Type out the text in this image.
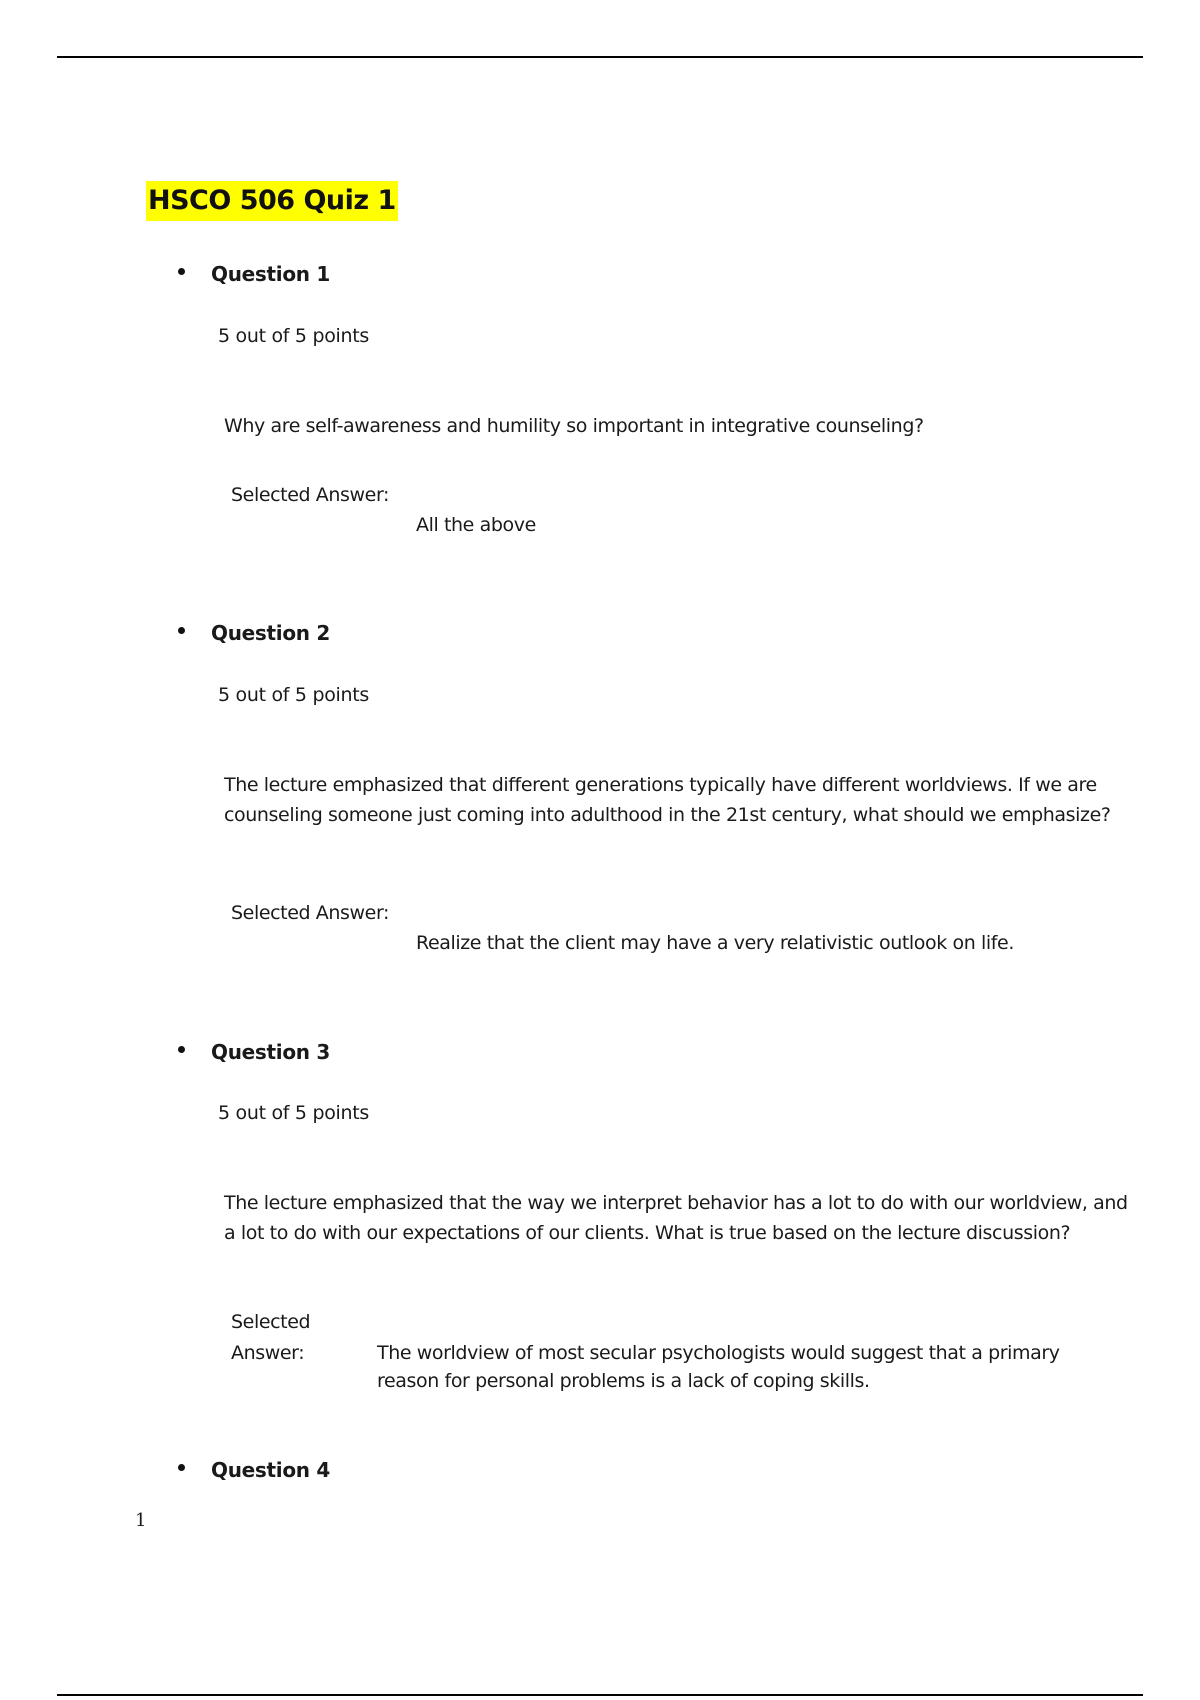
HSCO 506 Quiz 1
Question 1
5 out of 5 points
Why are self-awareness and humility so important in integrative counseling?
Selected Answer:
All the above
Question 2
5 out of 5 points
The lecture emphasized that different generations typically have different worldviews. If we are counseling someone just coming into adulthood in the 21st century, what should we emphasize?
Selected Answer:
Realize that the client may have a very relativistic outlook on life.
Question 3
5 out of 5 points
The lecture emphasized that the way we interpret behavior has a lot to do with our worldview, and a lot to do with our expectations of our clients. What is true based on the lecture discussion?
Selected
Answer:	The worldview of most secular psychologists would suggest that a primary reason for personal problems is a lack of coping skills.
Question 4
1
